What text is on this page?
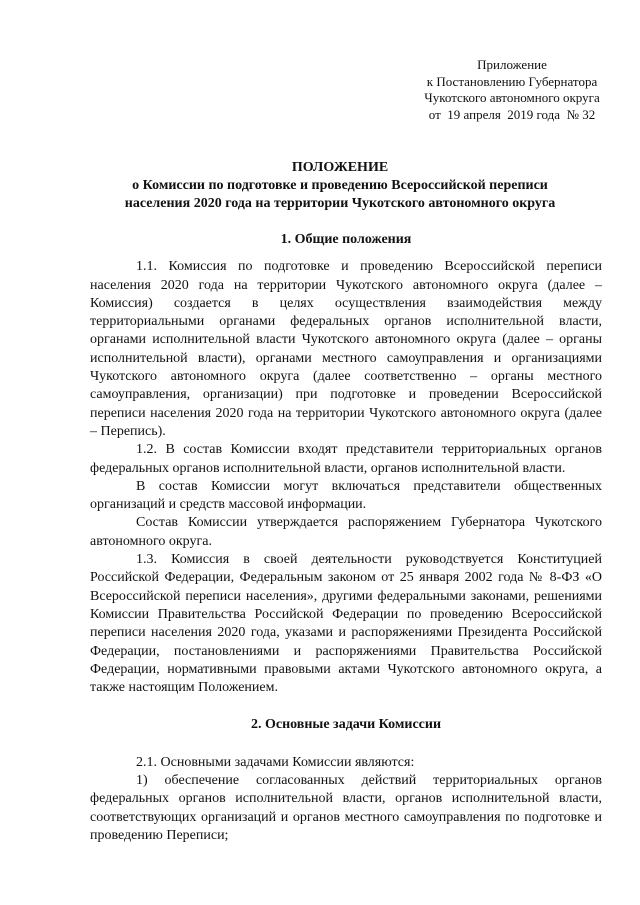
Приложение
к Постановлению Губернатора
Чукотского автономного округа
от  19 апреля  2019 года  № 32
ПОЛОЖЕНИЕ
о Комиссии по подготовке и проведению Всероссийской переписи
населения 2020 года на территории Чукотского автономного округа
1. Общие положения

1.1. Комиссия по подготовке и проведению Всероссийской переписи населения 2020 года на территории Чукотского автономного округа (далее – Комиссия) создается в целях осуществления взаимодействия между территориальными органами федеральных органов исполнительной власти, органами исполнительной власти Чукотского автономного округа (далее – органы исполнительной власти), органами местного самоуправления и организациями Чукотского автономного округа (далее соответственно – органы местного самоуправления, организации) при подготовке и проведении Всероссийской переписи населения 2020 года на территории Чукотского автономного округа (далее – Перепись).

1.2. В состав Комиссии входят представители территориальных органов федеральных органов исполнительной власти, органов исполнительной власти.

В состав Комиссии могут включаться представители общественных организаций и средств массовой информации.

Состав Комиссии утверждается распоряжением Губернатора Чукотского автономного округа.

1.3. Комиссия в своей деятельности руководствуется Конституцией Российской Федерации, Федеральным законом от 25 января 2002 года № 8-ФЗ «О Всероссийской переписи населения», другими федеральными законами, решениями Комиссии Правительства Российской Федерации по проведению Всероссийской переписи населения 2020 года, указами и распоряжениями Президента Российской Федерации, постановлениями и распоряжениями Правительства Российской Федерации, нормативными правовыми актами Чукотского автономного округа, а также настоящим Положением.

2. Основные задачи Комиссии

2.1. Основными задачами Комиссии являются:

1) обеспечение согласованных действий территориальных органов федеральных органов исполнительной власти, органов исполнительной власти, соответствующих организаций и органов местного самоуправления по подготовке и проведению Переписи;
